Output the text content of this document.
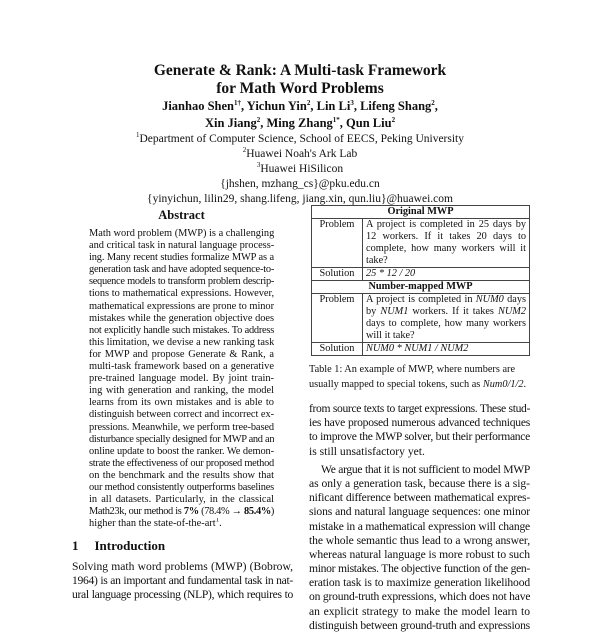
Generate & Rank: A Multi-task Framework
for Math Word Problems
Jianhao Shen$^{1\dagger}$, Yichun Yin$^2$, Lin Li$^3$, Lifeng Shang$^2$,
Xin Jiang$^2$, Ming Zhang$^{1*}$, Qun Liu$^2$
$^1$Department of Computer Science, School of EECS, Peking University
$^2$Huawei Noah's Ark Lab
$^3$Huawei HiSilicon
{jhshen, mzhang_cs}@pku.edu.cn
{yinyichun, lilin29, shang.lifeng, jiang.xin, qun.liu}@huawei.com
Abstract
Math word problem (MWP) is a challenging
and critical task in natural language process-
ing. Many recent studies formalize MWP as a
generation task and have adopted sequence-to-
sequence models to transform problem descrip-
tions to mathematical expressions. However,
mathematical expressions are prone to minor
mistakes while the generation objective does
not explicitly handle such mistakes. To address
this limitation, we devise a new ranking task
for MWP and propose Generate & Rank, a
multi-task framework based on a generative
pre-trained language model. By joint train-
ing with generation and ranking, the model
learns from its own mistakes and is able to
distinguish between correct and incorrect ex-
pressions. Meanwhile, we perform tree-based
disturbance specially designed for MWP and an
online update to boost the ranker. We demon-
strate the effectiveness of our proposed method
on the benchmark and the results show that
our method consistently outperforms baselines
in all datasets. Particularly, in the classical
Math23k, our method is 7% (78.4% → 85.4%)
higher than the state-of-the-art$^1$.
1 Introduction
Solving math word problems (MWP) (Bobrow,
1964) is an important and fundamental task in nat-
ural language processing (NLP), which requires to
Original MWP	
Problem	A project is completed in 25 days by 12 workers. If it takes 20 days to complete, how many workers will it take?
Solution	25 * 12 / 20
Number-mapped MWP	
Problem	A project is completed in NUM0 days by NUM1 workers. If it takes NUM2 days to complete, how many workers will it take?
Solution	NUM0 * NUM1 / NUM2
Table 1: An example of MWP, where numbers are usually mapped to special tokens, such as Num0/1/2.
from source texts to target expressions. These stud-
ies have proposed numerous advanced techniques
to improve the MWP solver, but their performance
is still unsatisfactory yet.
We argue that it is not sufficient to model MWP
as only a generation task, because there is a sig-
nificant difference between mathematical expres-
sions and natural language sequences: one minor
mistake in a mathematical expression will change
the whole semantic thus lead to a wrong answer,
whereas natural language is more robust to such
minor mistakes. The objective function of the gen-
eration task is to maximize generation likelihood
on ground-truth expressions, which does not have
an explicit strategy to make the model learn to
distinguish between ground-truth and expressions
